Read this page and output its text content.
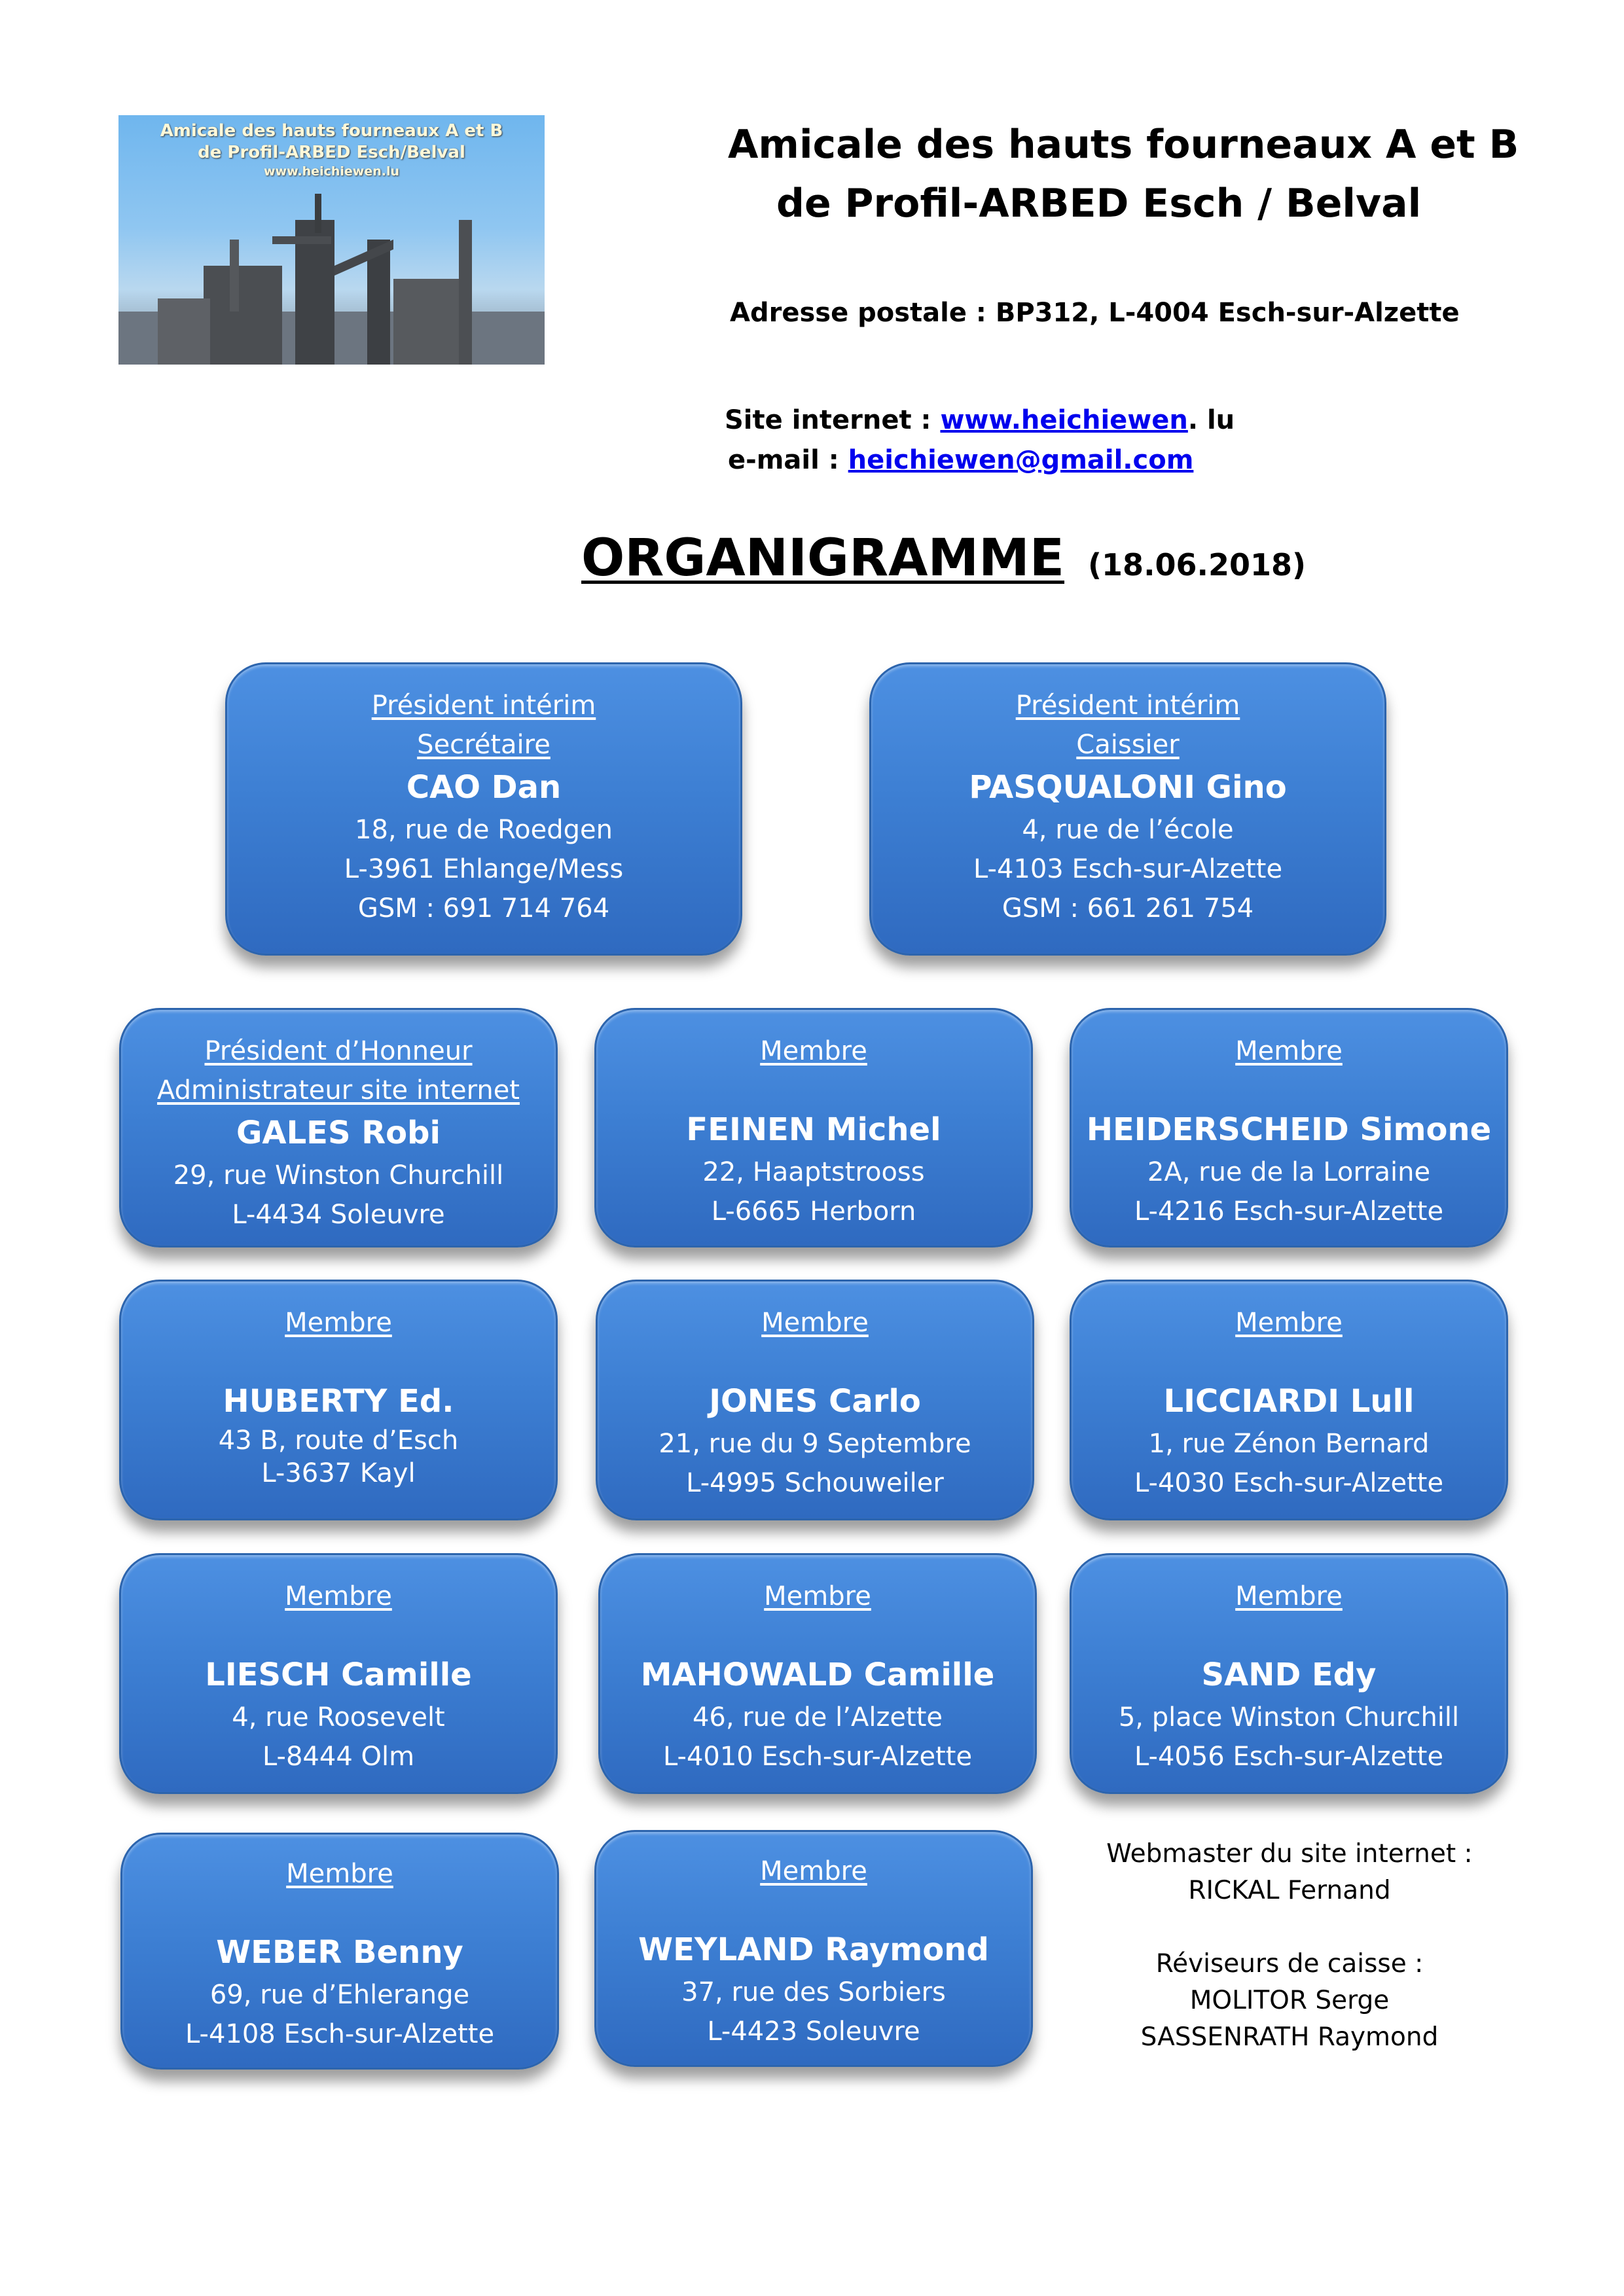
Amicale des hauts fourneaux A et B
de Profil-ARBED Esch/Belval
www.heichiewen.lu
Amicale des hauts fourneaux A et B
de Profil-ARBED Esch / Belval
Adresse postale : BP312, L-4004 Esch-sur-Alzette
Site internet : www.heichiewen. lu
e-mail : heichiewen@gmail.com
ORGANIGRAMME (18.06.2018)
Président intérim
Secrétaire
CAO Dan
18, rue de Roedgen
L-3961 Ehlange/Mess
GSM : 691 714 764
Président intérim
Caissier
PASQUALONI Gino
4, rue de l’école
L-4103 Esch-sur-Alzette
GSM : 661 261 754
Président d’Honneur
Administrateur site internet
GALES Robi
29, rue Winston Churchill
L-4434 Soleuvre
Membre
FEINEN Michel
22, Haaptstrooss
L-6665 Herborn
Membre
HEIDERSCHEID Simone
2A, rue de la Lorraine
L-4216 Esch-sur-Alzette
Membre
HUBERTY Ed.
43 B, route d’Esch
L-3637 Kayl
Membre
JONES Carlo
21, rue du 9 Septembre
L-4995 Schouweiler
Membre
LICCIARDI Lull
1, rue Zénon Bernard
L-4030 Esch-sur-Alzette
Membre
LIESCH Camille
4, rue Roosevelt
L-8444 Olm
Membre
MAHOWALD Camille
46, rue de l’Alzette
L-4010 Esch-sur-Alzette
Membre
SAND Edy
5, place Winston Churchill
L-4056 Esch-sur-Alzette
Membre
WEBER Benny
69, rue d’Ehlerange
L-4108 Esch-sur-Alzette
Membre
WEYLAND Raymond
37, rue des Sorbiers
L-4423 Soleuvre
Webmaster du site internet :
RICKAL Fernand
Réviseurs de caisse :
MOLITOR Serge
SASSENRATH Raymond
